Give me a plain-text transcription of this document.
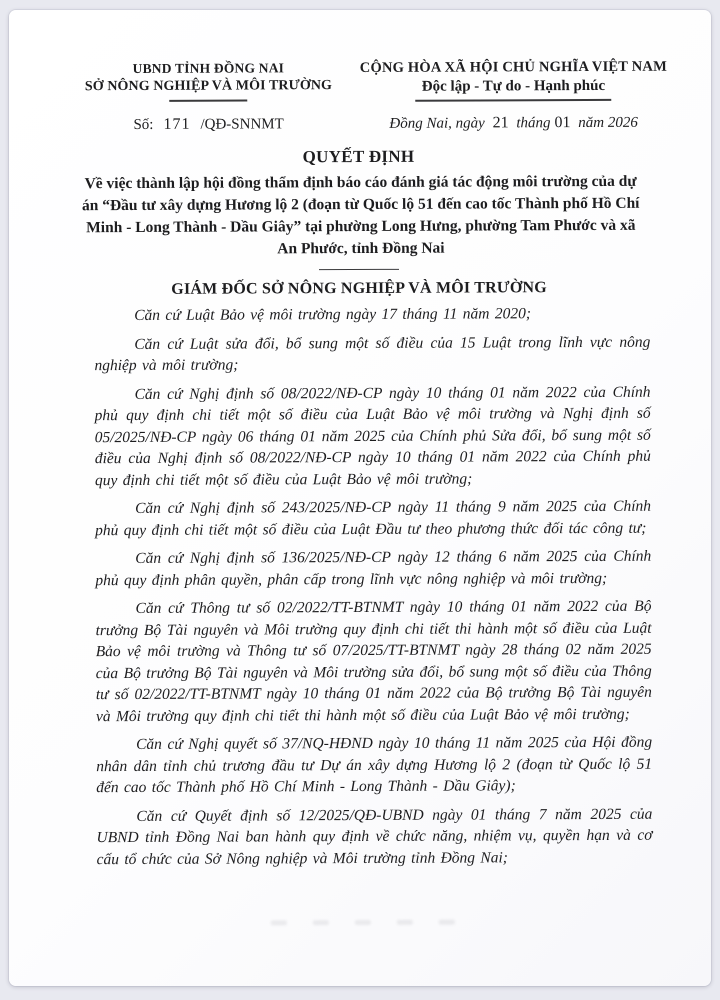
UBND TỈNH ĐỒNG NAI
SỞ NÔNG NGHIỆP VÀ MÔI TRƯỜNG
CỘNG HÒA XÃ HỘI CHỦ NGHĨA VIỆT NAM
Độc lập - Tự do - Hạnh phúc
Số: 171 /QĐ-SNNMT	Đồng Nai, ngày 21 tháng 01 năm 2026
QUYẾT ĐỊNH
Về việc thành lập hội đồng thẩm định báo cáo đánh giá tác động môi trường của dự án “Đầu tư xây dựng Hương lộ 2 (đoạn từ Quốc lộ 51 đến cao tốc Thành phố Hồ Chí Minh - Long Thành - Dầu Giây” tại phường Long Hưng, phường Tam Phước và xã An Phước, tỉnh Đồng Nai
GIÁM ĐỐC SỞ NÔNG NGHIỆP VÀ MÔI TRƯỜNG

Căn cứ Luật Bảo vệ môi trường ngày 17 tháng 11 năm 2020;

Căn cứ Luật sửa đổi, bổ sung một số điều của 15 Luật trong lĩnh vực nông nghiệp và môi trường;

Căn cứ Nghị định số 08/2022/NĐ-CP ngày 10 tháng 01 năm 2022 của Chính phủ quy định chi tiết một số điều của Luật Bảo vệ môi trường và Nghị định số 05/2025/NĐ-CP ngày 06 tháng 01 năm 2025 của Chính phủ Sửa đổi, bổ sung một số điều của Nghị định số 08/2022/NĐ-CP ngày 10 tháng 01 năm 2022 của Chính phủ quy định chi tiết một số điều của Luật Bảo vệ môi trường;

Căn cứ Nghị định số 243/2025/NĐ-CP ngày 11 tháng 9 năm 2025 của Chính phủ quy định chi tiết một số điều của Luật Đầu tư theo phương thức đối tác công tư;

Căn cứ Nghị định số 136/2025/NĐ-CP ngày 12 tháng 6 năm 2025 của Chính phủ quy định phân quyền, phân cấp trong lĩnh vực nông nghiệp và môi trường;

Căn cứ Thông tư số 02/2022/TT-BTNMT ngày 10 tháng 01 năm 2022 của Bộ trưởng Bộ Tài nguyên và Môi trường quy định chi tiết thi hành một số điều của Luật Bảo vệ môi trường và Thông tư số 07/2025/TT-BTNMT ngày 28 tháng 02 năm 2025 của Bộ trưởng Bộ Tài nguyên và Môi trường sửa đổi, bổ sung một số điều của Thông tư số 02/2022/TT-BTNMT ngày 10 tháng 01 năm 2022 của Bộ trưởng Bộ Tài nguyên và Môi trường quy định chi tiết thi hành một số điều của Luật Bảo vệ môi trường;

Căn cứ Nghị quyết số 37/NQ-HĐND ngày 10 tháng 11 năm 2025 của Hội đồng nhân dân tỉnh chủ trương đầu tư Dự án xây dựng Hương lộ 2 (đoạn từ Quốc lộ 51 đến cao tốc Thành phố Hồ Chí Minh - Long Thành - Dầu Giây);

Căn cứ Quyết định số 12/2025/QĐ-UBND ngày 01 tháng 7 năm 2025 của UBND tỉnh Đồng Nai ban hành quy định về chức năng, nhiệm vụ, quyền hạn và cơ cấu tổ chức của Sở Nông nghiệp và Môi trường tỉnh Đồng Nai;
